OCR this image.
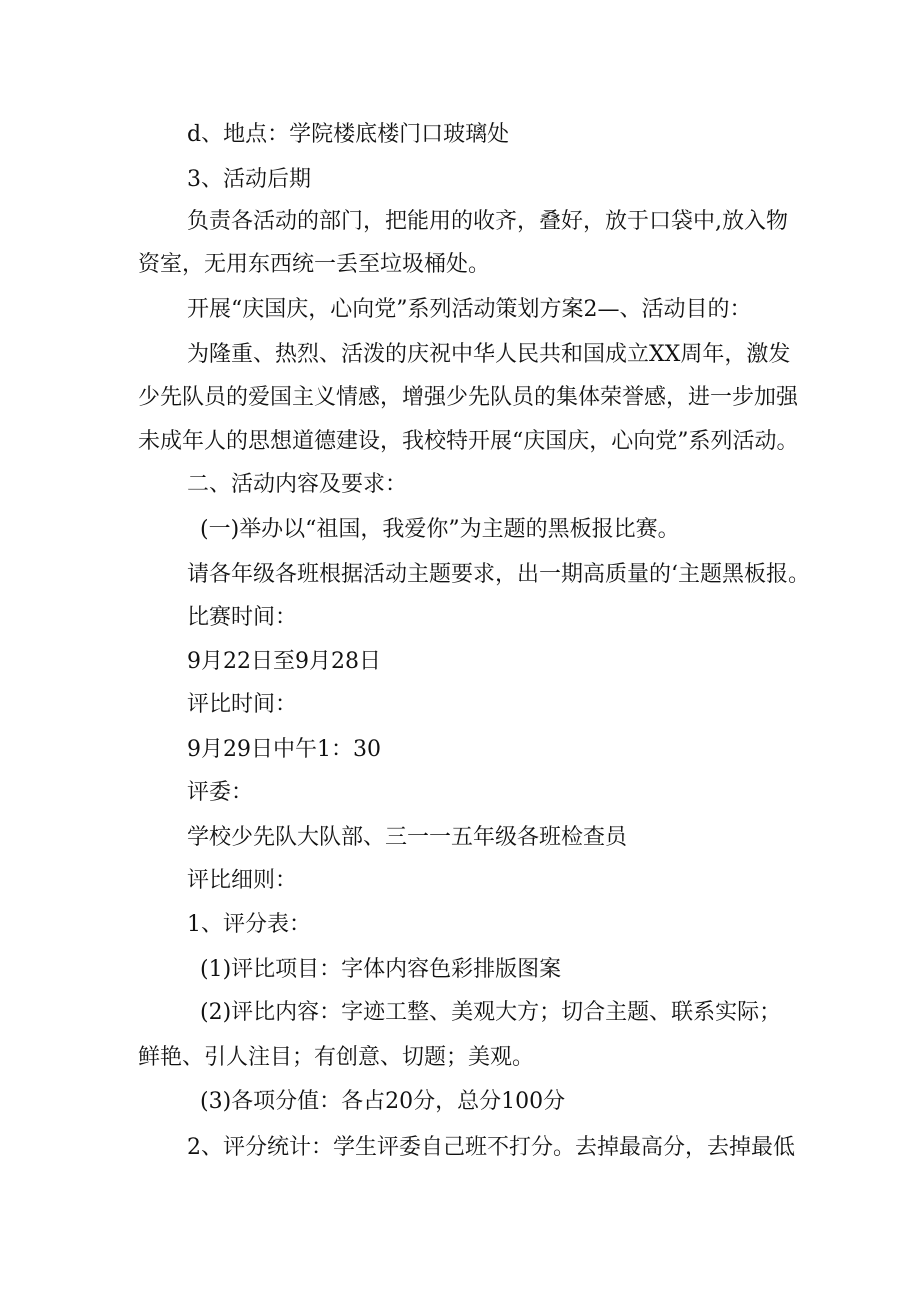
d、地点：学院楼底楼门口玻璃处
3、活动后期
负责各活动的部门，把能用的收齐，叠好，放于口袋中,放入物
资室，无用东西统一丢至垃圾桶处。
开展“庆国庆，心向党”系列活动策划方案2—、活动目的：
为隆重、热烈、活泼的庆祝中华人民共和国成立XX周年，激发
少先队员的爱国主义情感，增强少先队员的集体荣誉感，进一步加强
未成年人的思想道德建设，我校特开展“庆国庆，心向党”系列活动。
二、活动内容及要求：
(一)举办以“祖国，我爱你”为主题的黑板报比赛。
请各年级各班根据活动主题要求，出一期高质量的‘主题黑板报。
比赛时间：
9月22日至9月28日
评比时间：
9月29日中午1：30
评委：
学校少先队大队部、三一一五年级各班检查员
评比细则：
1、评分表：
(1)评比项目：字体内容色彩排版图案
(2)评比内容：字迹工整、美观大方；切合主题、联系实际；
鲜艳、引人注目；有创意、切题；美观。
(3)各项分值：各占20分，总分100分
2、评分统计：学生评委自己班不打分。去掉最高分，去掉最低
